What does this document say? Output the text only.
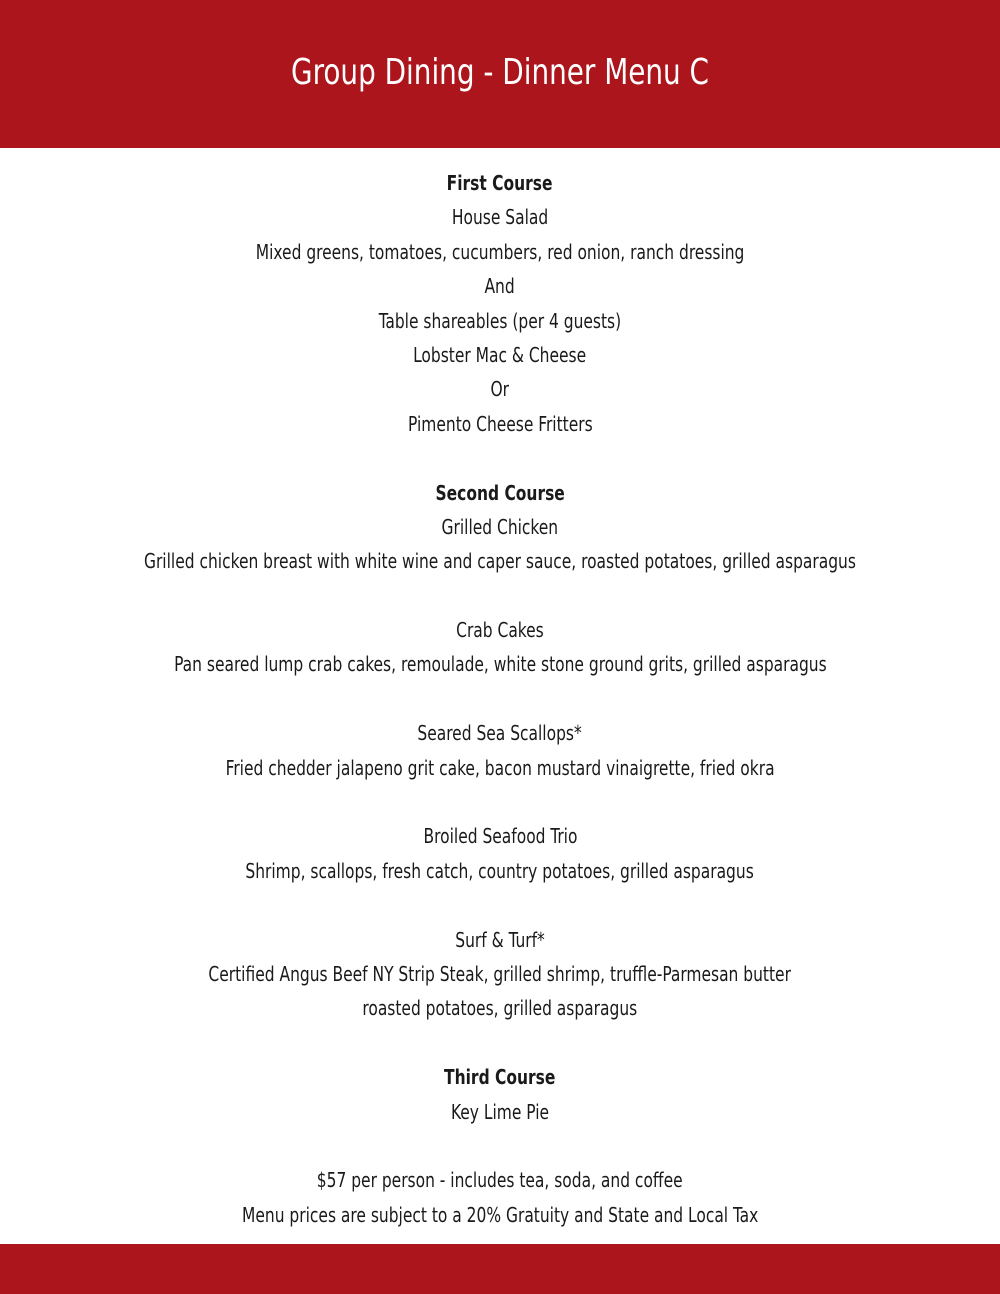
Group Dining - Dinner Menu C
First Course
House Salad
Mixed greens, tomatoes, cucumbers, red onion, ranch dressing
And
Table shareables (per 4 guests)
Lobster Mac & Cheese
Or
Pimento Cheese Fritters
Second Course
Grilled Chicken
Grilled chicken breast with white wine and caper sauce, roasted potatoes, grilled asparagus
Crab Cakes
Pan seared lump crab cakes, remoulade, white stone ground grits, grilled asparagus
Seared Sea Scallops*
Fried chedder jalapeno grit cake, bacon mustard vinaigrette, fried okra
Broiled Seafood Trio
Shrimp, scallops, fresh catch, country potatoes, grilled asparagus
Surf & Turf*
Certified Angus Beef NY Strip Steak, grilled shrimp, truffle-Parmesan butter
roasted potatoes, grilled asparagus
Third Course
Key Lime Pie
$57 per person - includes tea, soda, and coffee
Menu prices are subject to a 20% Gratuity and State and Local Tax
